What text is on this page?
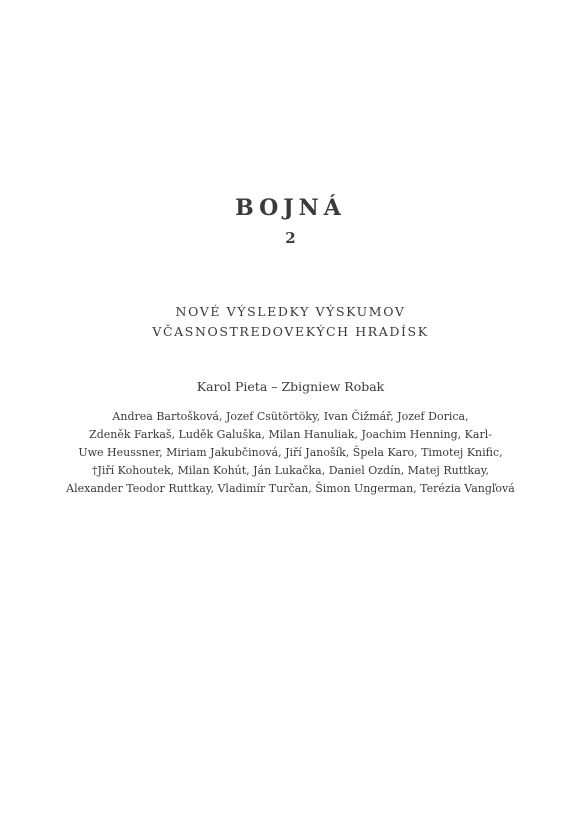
BOJNÁ
2
NOVÉ VÝSLEDKY VÝSKUMOV
VČASNOSTREDOVEKÝCH HRADÍSK
Karol Pieta – Zbigniew Robak
Andrea Bartošková, Jozef Csütörtöky, Ivan Čižmář, Jozef Dorica,
Zdeněk Farkaš, Luděk Galuška, Milan Hanuliak, Joachim Henning, Karl-
Uwe Heussner, Miriam Jakubčinová, Jiří Janošík, Špela Karo, Timotej Knific,
†Jiří Kohoutek, Milan Kohút, Ján Lukačka, Daniel Ozdín, Matej Ruttkay,
Alexander Teodor Ruttkay, Vladimír Turčan, Šimon Ungerman, Terézia Vangľová
